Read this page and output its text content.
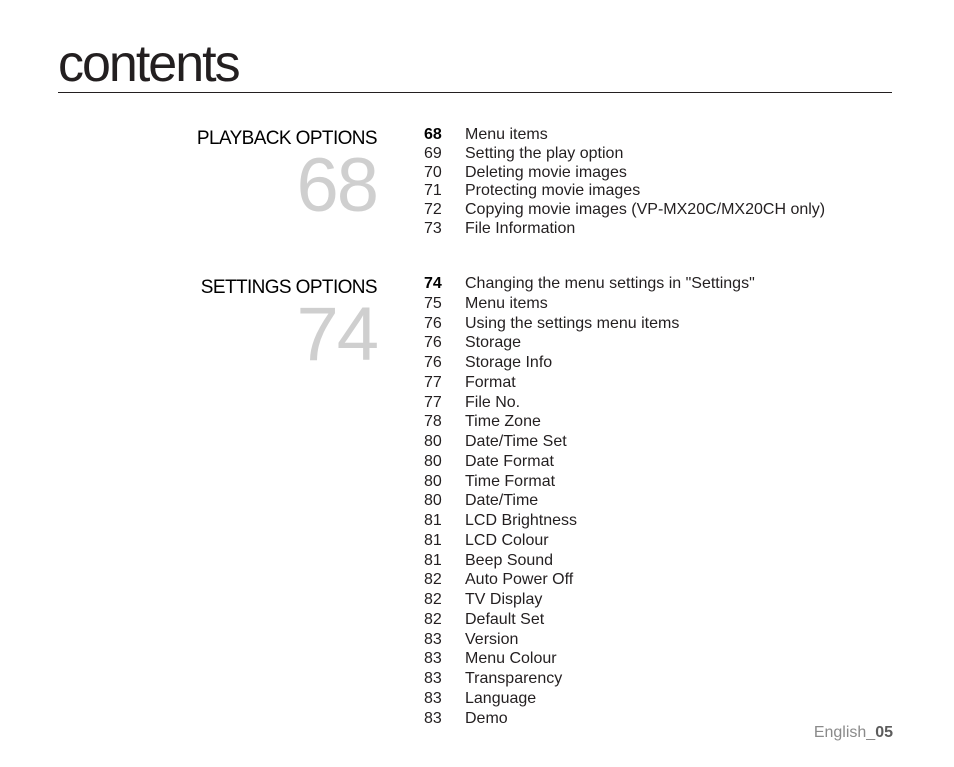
contents
PLAYBACK OPTIONS
68
68	Menu items
69	Setting the play option
70	Deleting movie images
71	Protecting movie images
72	Copying movie images (VP-MX20C/MX20CH only)
73	File Information
SETTINGS OPTIONS
74
74	Changing the menu settings in "Settings"
75	Menu items
76	Using the settings menu items
76	Storage
76	Storage Info
77	Format
77	File No.
78	Time Zone
80	Date/Time Set
80	Date Format
80	Time Format
80	Date/Time
81	LCD Brightness
81	LCD Colour
81	Beep Sound
82	Auto Power Off
82	TV Display
82	Default Set
83	Version
83	Menu Colour
83	Transparency
83	Language
83	Demo
English_05
